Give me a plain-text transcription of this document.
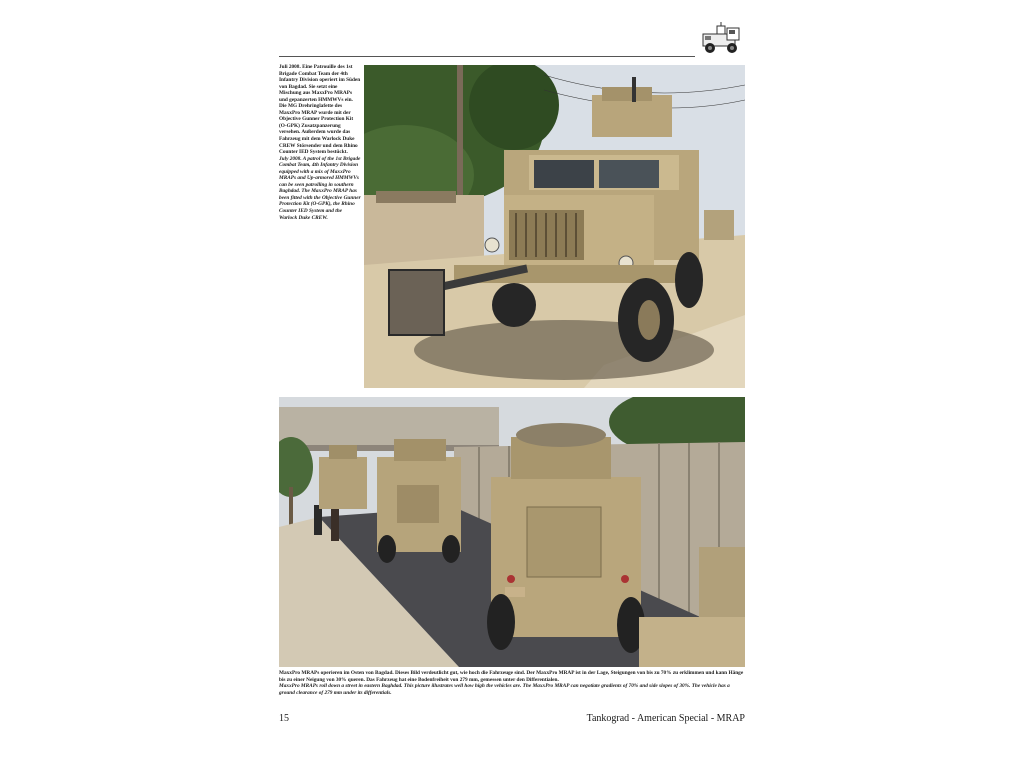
Juli 2008. Eine Patrouille des 1st Brigade Combat Team der 4th Infantry Division operiert im Süden von Bagdad. Sie setzt eine Mischung aus MaxxPro MRAPs und gepanzerten HMMWVs ein. Die MG Drehringlafette des MaxxPro MRAP wurde mit der Objective Gunner Protection Kit (O-GPK) Zusatzpanzerung versehen. Außerdem wurde das Fahrzeug mit dem Warlock Duke CREW Störsender und dem Rhino Counter IED System bestückt.
July 2008. A patrol of the 1st Brigade Combat Team, 4th Infantry Division equipped with a mix of MaxxPro MRAPs and Up-armored HMMWVs can be seen patrolling in southern Baghdad. The MaxxPro MRAP has been fitted with the Objective Gunner Protection Kit (O-GPK), the Rhino Counter IED System and the Warlock Duke CREW.
MaxxPro MRAPs operieren im Osten von Bagdad. Dieses Bild verdeutlicht gut, wie hoch die Fahrzeuge sind. Der MaxxPro MRAP ist in der Lage, Steigungen von bis zu 70% zu erklimmen und kann Hänge bis zu einer Neigung von 30% queren. Das Fahrzeug hat eine Bodenfreiheit von 279 mm, gemessen unter den Differentialen.
MaxxPro MRAPs roll down a street in eastern Baghdad. This picture illustrates well how high the vehicles are. The MaxxPro MRAP can negotiate gradients of 70% and side slopes of 30%. The vehicle has a ground clearance of 279 mm under its differentials.
15	Tankograd - American Special - MRAP
